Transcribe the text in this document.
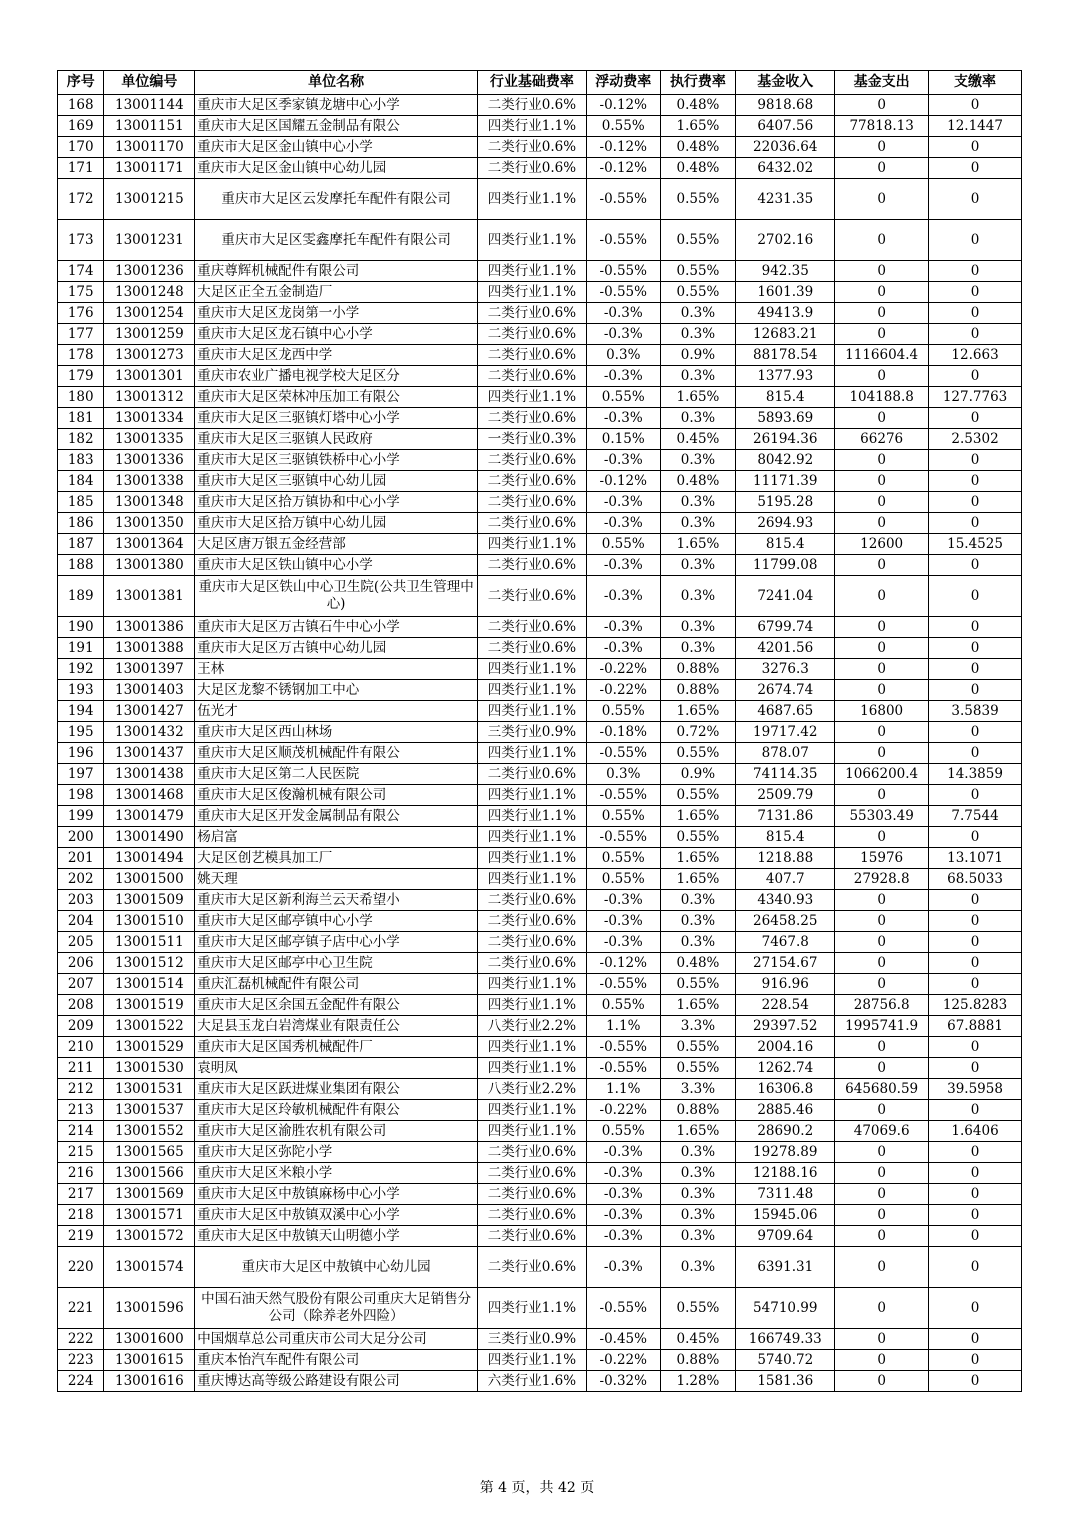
序号	单位编号	单位名称	行业基础费率	浮动费率	执行费率	基金收入	基金支出	支缴率
168	13001144	重庆市大足区季家镇龙塘中心小学	二类行业0.6%	-0.12%	0.48%	9818.68	0	0
169	13001151	重庆市大足区国耀五金制品有限公	四类行业1.1%	0.55%	1.65%	6407.56	77818.13	12.1447
170	13001170	重庆市大足区金山镇中心小学	二类行业0.6%	-0.12%	0.48%	22036.64	0	0
171	13001171	重庆市大足区金山镇中心幼儿园	二类行业0.6%	-0.12%	0.48%	6432.02	0	0
172	13001215	重庆市大足区云发摩托车配件有限公司	四类行业1.1%	-0.55%	0.55%	4231.35	0	0
173	13001231	重庆市大足区雯鑫摩托车配件有限公司	四类行业1.1%	-0.55%	0.55%	2702.16	0	0
174	13001236	重庆尊辉机械配件有限公司	四类行业1.1%	-0.55%	0.55%	942.35	0	0
175	13001248	大足区正全五金制造厂	四类行业1.1%	-0.55%	0.55%	1601.39	0	0
176	13001254	重庆市大足区龙岗第一小学	二类行业0.6%	-0.3%	0.3%	49413.9	0	0
177	13001259	重庆市大足区龙石镇中心小学	二类行业0.6%	-0.3%	0.3%	12683.21	0	0
178	13001273	重庆市大足区龙西中学	二类行业0.6%	0.3%	0.9%	88178.54	1116604.4	12.663
179	13001301	重庆市农业广播电视学校大足区分	二类行业0.6%	-0.3%	0.3%	1377.93	0	0
180	13001312	重庆市大足区荣林冲压加工有限公	四类行业1.1%	0.55%	1.65%	815.4	104188.8	127.7763
181	13001334	重庆市大足区三驱镇灯塔中心小学	二类行业0.6%	-0.3%	0.3%	5893.69	0	0
182	13001335	重庆市大足区三驱镇人民政府	一类行业0.3%	0.15%	0.45%	26194.36	66276	2.5302
183	13001336	重庆市大足区三驱镇铁桥中心小学	二类行业0.6%	-0.3%	0.3%	8042.92	0	0
184	13001338	重庆市大足区三驱镇中心幼儿园	二类行业0.6%	-0.12%	0.48%	11171.39	0	0
185	13001348	重庆市大足区拾万镇协和中心小学	二类行业0.6%	-0.3%	0.3%	5195.28	0	0
186	13001350	重庆市大足区拾万镇中心幼儿园	二类行业0.6%	-0.3%	0.3%	2694.93	0	0
187	13001364	大足区唐万银五金经营部	四类行业1.1%	0.55%	1.65%	815.4	12600	15.4525
188	13001380	重庆市大足区铁山镇中心小学	二类行业0.6%	-0.3%	0.3%	11799.08	0	0
189	13001381	重庆市大足区铁山中心卫生院(公共卫生管理中心)	二类行业0.6%	-0.3%	0.3%	7241.04	0	0
190	13001386	重庆市大足区万古镇石牛中心小学	二类行业0.6%	-0.3%	0.3%	6799.74	0	0
191	13001388	重庆市大足区万古镇中心幼儿园	二类行业0.6%	-0.3%	0.3%	4201.56	0	0
192	13001397	王林	四类行业1.1%	-0.22%	0.88%	3276.3	0	0
193	13001403	大足区龙黎不锈钢加工中心	四类行业1.1%	-0.22%	0.88%	2674.74	0	0
194	13001427	伍光才	四类行业1.1%	0.55%	1.65%	4687.65	16800	3.5839
195	13001432	重庆市大足区西山林场	三类行业0.9%	-0.18%	0.72%	19717.42	0	0
196	13001437	重庆市大足区顺茂机械配件有限公	四类行业1.1%	-0.55%	0.55%	878.07	0	0
197	13001438	重庆市大足区第二人民医院	二类行业0.6%	0.3%	0.9%	74114.35	1066200.4	14.3859
198	13001468	重庆市大足区俊瀚机械有限公司	四类行业1.1%	-0.55%	0.55%	2509.79	0	0
199	13001479	重庆市大足区开发金属制品有限公	四类行业1.1%	0.55%	1.65%	7131.86	55303.49	7.7544
200	13001490	杨启富	四类行业1.1%	-0.55%	0.55%	815.4	0	0
201	13001494	大足区创艺模具加工厂	四类行业1.1%	0.55%	1.65%	1218.88	15976	13.1071
202	13001500	姚天理	四类行业1.1%	0.55%	1.65%	407.7	27928.8	68.5033
203	13001509	重庆市大足区新利海兰云天希望小	二类行业0.6%	-0.3%	0.3%	4340.93	0	0
204	13001510	重庆市大足区邮亭镇中心小学	二类行业0.6%	-0.3%	0.3%	26458.25	0	0
205	13001511	重庆市大足区邮亭镇子店中心小学	二类行业0.6%	-0.3%	0.3%	7467.8	0	0
206	13001512	重庆市大足区邮亭中心卫生院	二类行业0.6%	-0.12%	0.48%	27154.67	0	0
207	13001514	重庆汇磊机械配件有限公司	四类行业1.1%	-0.55%	0.55%	916.96	0	0
208	13001519	重庆市大足区余国五金配件有限公	四类行业1.1%	0.55%	1.65%	228.54	28756.8	125.8283
209	13001522	大足县玉龙白岩湾煤业有限责任公	八类行业2.2%	1.1%	3.3%	29397.52	1995741.9	67.8881
210	13001529	重庆市大足区国秀机械配件厂	四类行业1.1%	-0.55%	0.55%	2004.16	0	0
211	13001530	袁明凤	四类行业1.1%	-0.55%	0.55%	1262.74	0	0
212	13001531	重庆市大足区跃进煤业集团有限公	八类行业2.2%	1.1%	3.3%	16306.8	645680.59	39.5958
213	13001537	重庆市大足区玲敏机械配件有限公	四类行业1.1%	-0.22%	0.88%	2885.46	0	0
214	13001552	重庆市大足区渝胜农机有限公司	四类行业1.1%	0.55%	1.65%	28690.2	47069.6	1.6406
215	13001565	重庆市大足区弥陀小学	二类行业0.6%	-0.3%	0.3%	19278.89	0	0
216	13001566	重庆市大足区米粮小学	二类行业0.6%	-0.3%	0.3%	12188.16	0	0
217	13001569	重庆市大足区中敖镇麻杨中心小学	二类行业0.6%	-0.3%	0.3%	7311.48	0	0
218	13001571	重庆市大足区中敖镇双溪中心小学	二类行业0.6%	-0.3%	0.3%	15945.06	0	0
219	13001572	重庆市大足区中敖镇天山明德小学	二类行业0.6%	-0.3%	0.3%	9709.64	0	0
220	13001574	重庆市大足区中敖镇中心幼儿园	二类行业0.6%	-0.3%	0.3%	6391.31	0	0
221	13001596	中国石油天然气股份有限公司重庆大足销售分公司（除养老外四险）	四类行业1.1%	-0.55%	0.55%	54710.99	0	0
222	13001600	中国烟草总公司重庆市公司大足分公司	三类行业0.9%	-0.45%	0.45%	166749.33	0	0
223	13001615	重庆本怡汽车配件有限公司	四类行业1.1%	-0.22%	0.88%	5740.72	0	0
224	13001616	重庆博达高等级公路建设有限公司	六类行业1.6%	-0.32%	1.28%	1581.36	0	0
第 4 页，共 42 页
